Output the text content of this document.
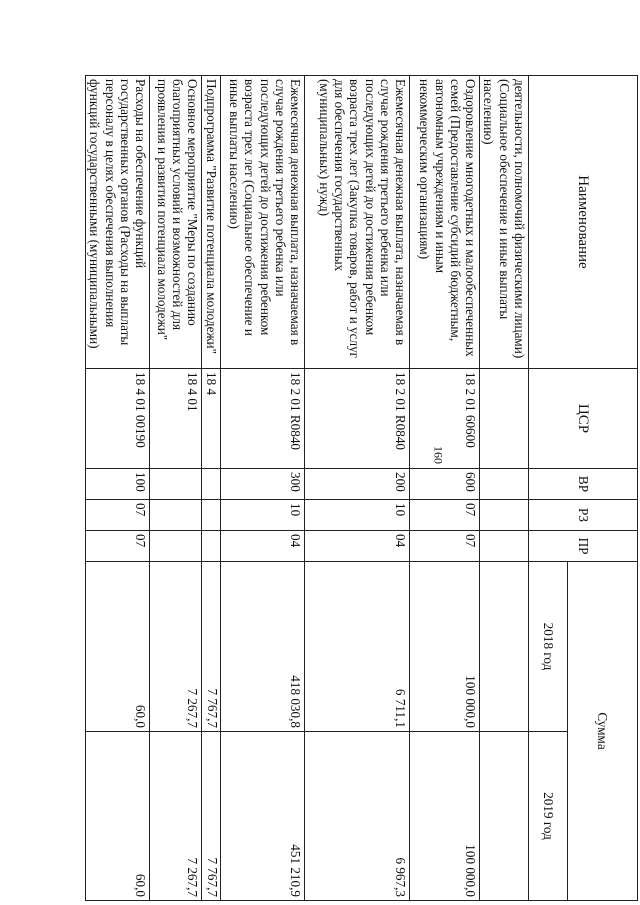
160
Наименование	ЦСР	ВР	РЗ	ПР	Сумма	
					2018 год	2019 год
деятельности, полномочий физическими лицами) (Социальное обеспечение и иные выплаты населению)						
Оздоровление многодетных и малообеспеченных семей (Предоставление субсидий бюджетным, автономным учреждениям и иным некоммерческим организациям)	18 2 01 60600	600	07	07	100 000,0	100 000,0
Ежемесячная денежная выплата, назначаемая в случае рождения третьего ребенка или последующих детей до достижения ребенком возраста трех лет (Закупка товаров, работ и услуг для обеспечения государственных (муниципальных) нужд)	18 2 01 R0840	200	10	04	6 711,1	6 967,3
Ежемесячная денежная выплата, назначаемая в случае рождения третьего ребенка или последующих детей до достижения ребенком возраста трех лет (Социальное обеспечение и иные выплаты населению)	18 2 01 R0840	300	10	04	418 030,8	451 210,9
Подпрограмма "Развитие потенциала молодежи"	18 4				7 767,7	7 767,7
Основное мероприятие "Меры по созданию благоприятных условий и возможностей для проявления и развития потенциала молодежи"	18 4 01				7 267,7	7 267,7
Расходы на обеспечение функций государственных органов (Расходы на выплаты персоналу в целях обеспечения выполнения функций государственными (муниципальными)	18 4 01 00190	100	07	07	60,0	60,0
